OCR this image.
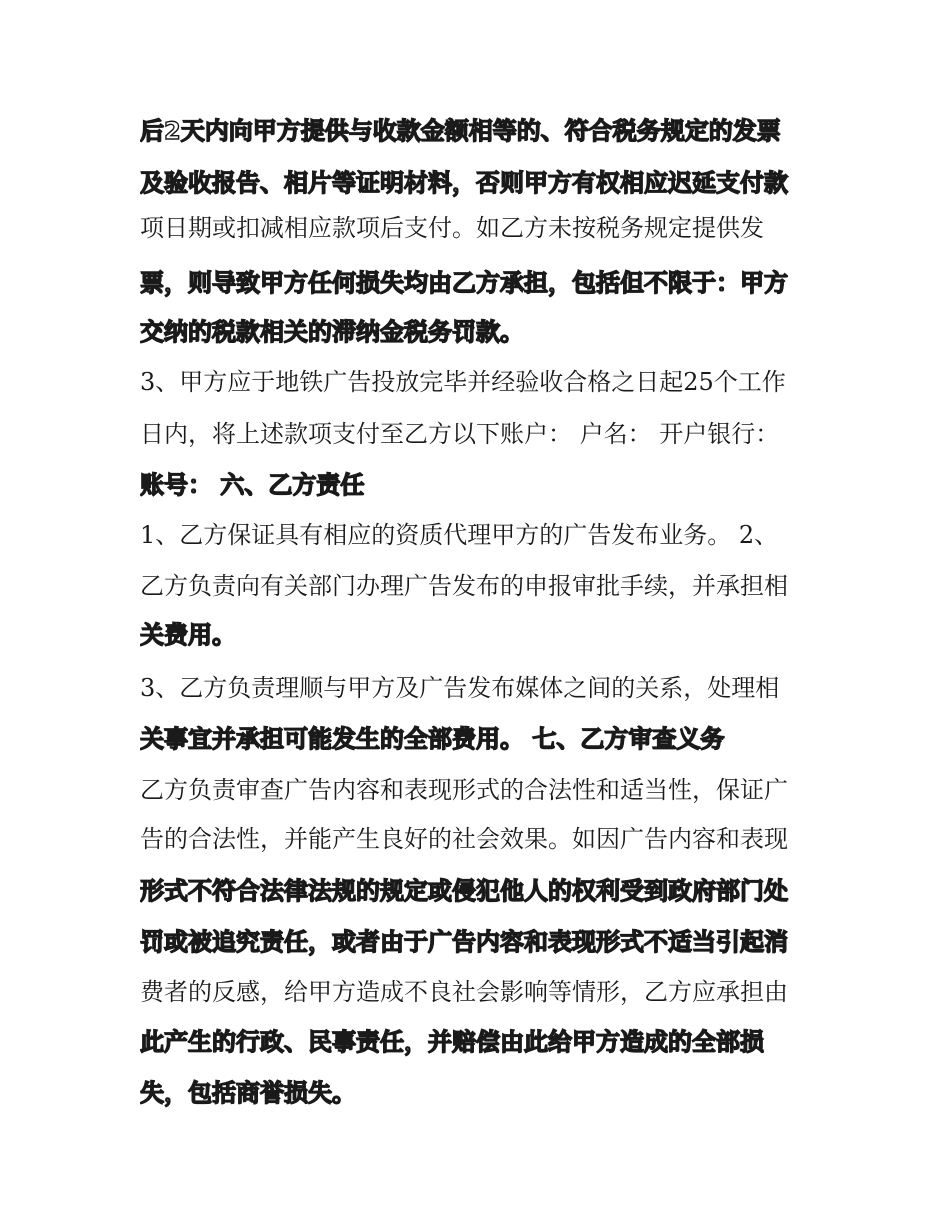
后2天内向甲方提供与收款金额相等的、符合税务规定的发票
及验收报告、相片等证明材料，否则甲方有权相应迟延支付款
项日期或扣减相应款项后支付。如乙方未按税务规定提供发
票，则导致甲方任何损失均由乙方承担，包括但不限于：甲方
交纳的税款相关的滞纳金税务罚款。
3、甲方应于地铁广告投放完毕并经验收合格之日起25个工作
日内，将上述款项支付至乙方以下账户： 户名： 开户银行：
账号： 六、乙方责任
1、乙方保证具有相应的资质代理甲方的广告发布业务。 2、
乙方负责向有关部门办理广告发布的申报审批手续，并承担相
关费用。
3、乙方负责理顺与甲方及广告发布媒体之间的关系，处理相
关事宜并承担可能发生的全部费用。 七、乙方审查义务
乙方负责审查广告内容和表现形式的合法性和适当性，保证广
告的合法性，并能产生良好的社会效果。如因广告内容和表现
形式不符合法律法规的规定或侵犯他人的权利受到政府部门处
罚或被追究责任，或者由于广告内容和表现形式不适当引起消
费者的反感，给甲方造成不良社会影响等情形，乙方应承担由
此产生的行政、民事责任，并赔偿由此给甲方造成的全部损
失，包括商誉损失。
